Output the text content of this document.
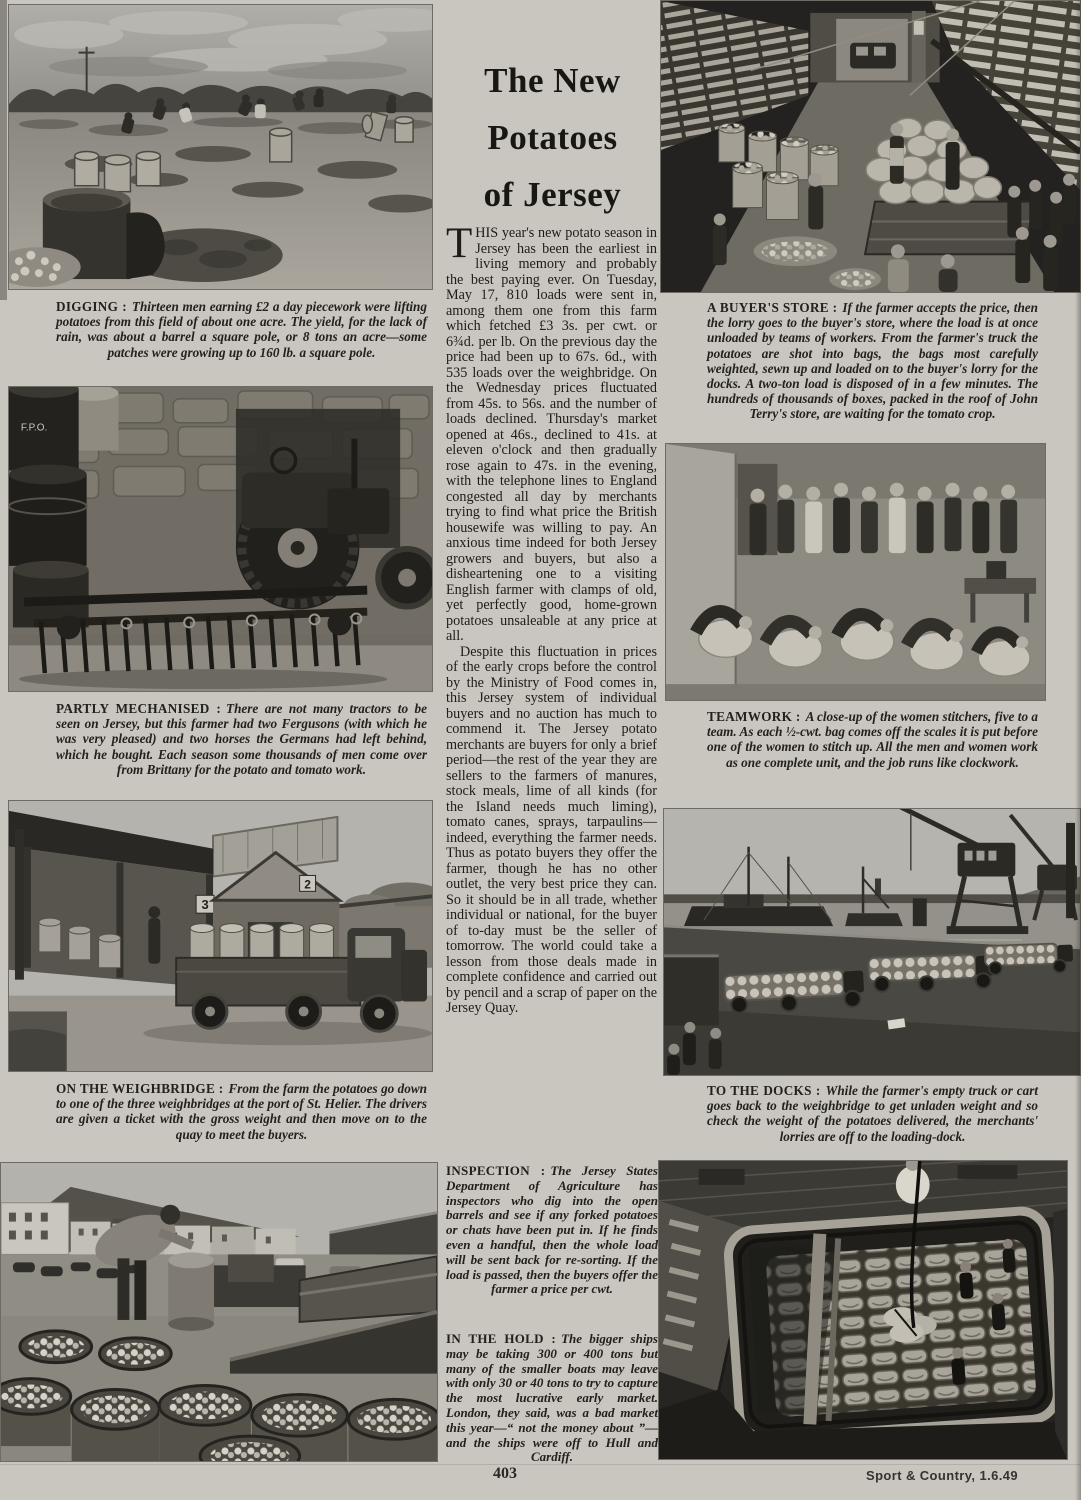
DIGGING : Thirteen men earning £2 a day piecework were lifting potatoes from this field of about one acre. The yield, for the lack of rain, was about a barrel a square pole, or 8 tons an acre—some patches were growing up to 160 lb. a square pole.
F.P.O.
PARTLY MECHANISED : There are not many tractors to be seen on Jersey, but this farmer had two Fergusons (with which he was very pleased) and two horses the Germans had left behind, which he bought. Each season some thousands of men come over from Brittany for the potato and tomato work.
3
2
ON THE WEIGHBRIDGE : From the farm the potatoes go down to one of the three weighbridges at the port of St. Helier. The drivers are given a ticket with the gross weight and then move on to the quay to meet the buyers.
The New
Potatoes
of Jersey

THIS year's new potato season in Jersey has been the earliest in living memory and probably the best paying ever. On Tuesday, May 17, 810 loads were sent in, among them one from this farm which fetched £3 3s. per cwt. or 6¾d. per lb. On the previous day the price had been up to 67s. 6d., with 535 loads over the weighbridge. On the Wednesday prices fluctuated from 45s. to 56s. and the number of loads declined. Thursday's market opened at 46s., declined to 41s. at eleven o'clock and then gradually rose again to 47s. in the evening, with the telephone lines to England congested all day by merchants trying to find what price the British housewife was willing to pay. An anxious time indeed for both Jersey growers and buyers, but also a disheartening one to a visiting English farmer with clamps of old, yet perfectly good, home-grown potatoes unsaleable at any price at all.

Despite this fluctuation in prices of the early crops before the control by the Ministry of Food comes in, this Jersey system of individual buyers and no auction has much to commend it. The Jersey potato merchants are buyers for only a brief period—the rest of the year they are sellers to the farmers of manures, stock meals, lime of all kinds (for the Island needs much liming), tomato canes, sprays, tarpaulins—indeed, everything the farmer needs. Thus as potato buyers they offer the farmer, though he has no other outlet, the very best price they can. So it should be in all trade, whether individual or national, for the buyer of to-day must be the seller of tomorrow. The world could take a lesson from those deals made in complete confidence and carried out by pencil and a scrap of paper on the Jersey Quay.

INSPECTION : The Jersey States Department of Agriculture has inspectors who dig into the open barrels and see if any forked potatoes or chats have been put in. If he finds even a handful, then the whole load will be sent back for re-sorting. If the load is passed, then the buyers offer the farmer a price per cwt.
IN THE HOLD : The bigger ships may be taking 300 or 400 tons but many of the smaller boats may leave with only 30 or 40 tons to try to capture the most lucrative early market. London, they said, was a bad market this year—“ not the money about ”—and the ships were off to Hull and Cardiff.
403	Sport & Country, 1.6.49
A BUYER'S STORE : If the farmer accepts the price, then the lorry goes to the buyer's store, where the load is at once unloaded by teams of workers. From the farmer's truck the potatoes are shot into bags, the bags most carefully weighted, sewn up and loaded on to the buyer's lorry for the docks. A two-ton load is disposed of in a few minutes. The hundreds of thousands of boxes, packed in the roof of John Terry's store, are waiting for the tomato crop.
TEAMWORK : A close-up of the women stitchers, five to a team. As each ½-cwt. bag comes off the scales it is put before one of the women to stitch up. All the men and women work as one complete unit, and the job runs like clockwork.
TO THE DOCKS : While the farmer's empty truck or cart goes back to the weighbridge to get unladen weight and so check the weight of the potatoes delivered, the merchants' lorries are off to the loading-dock.
